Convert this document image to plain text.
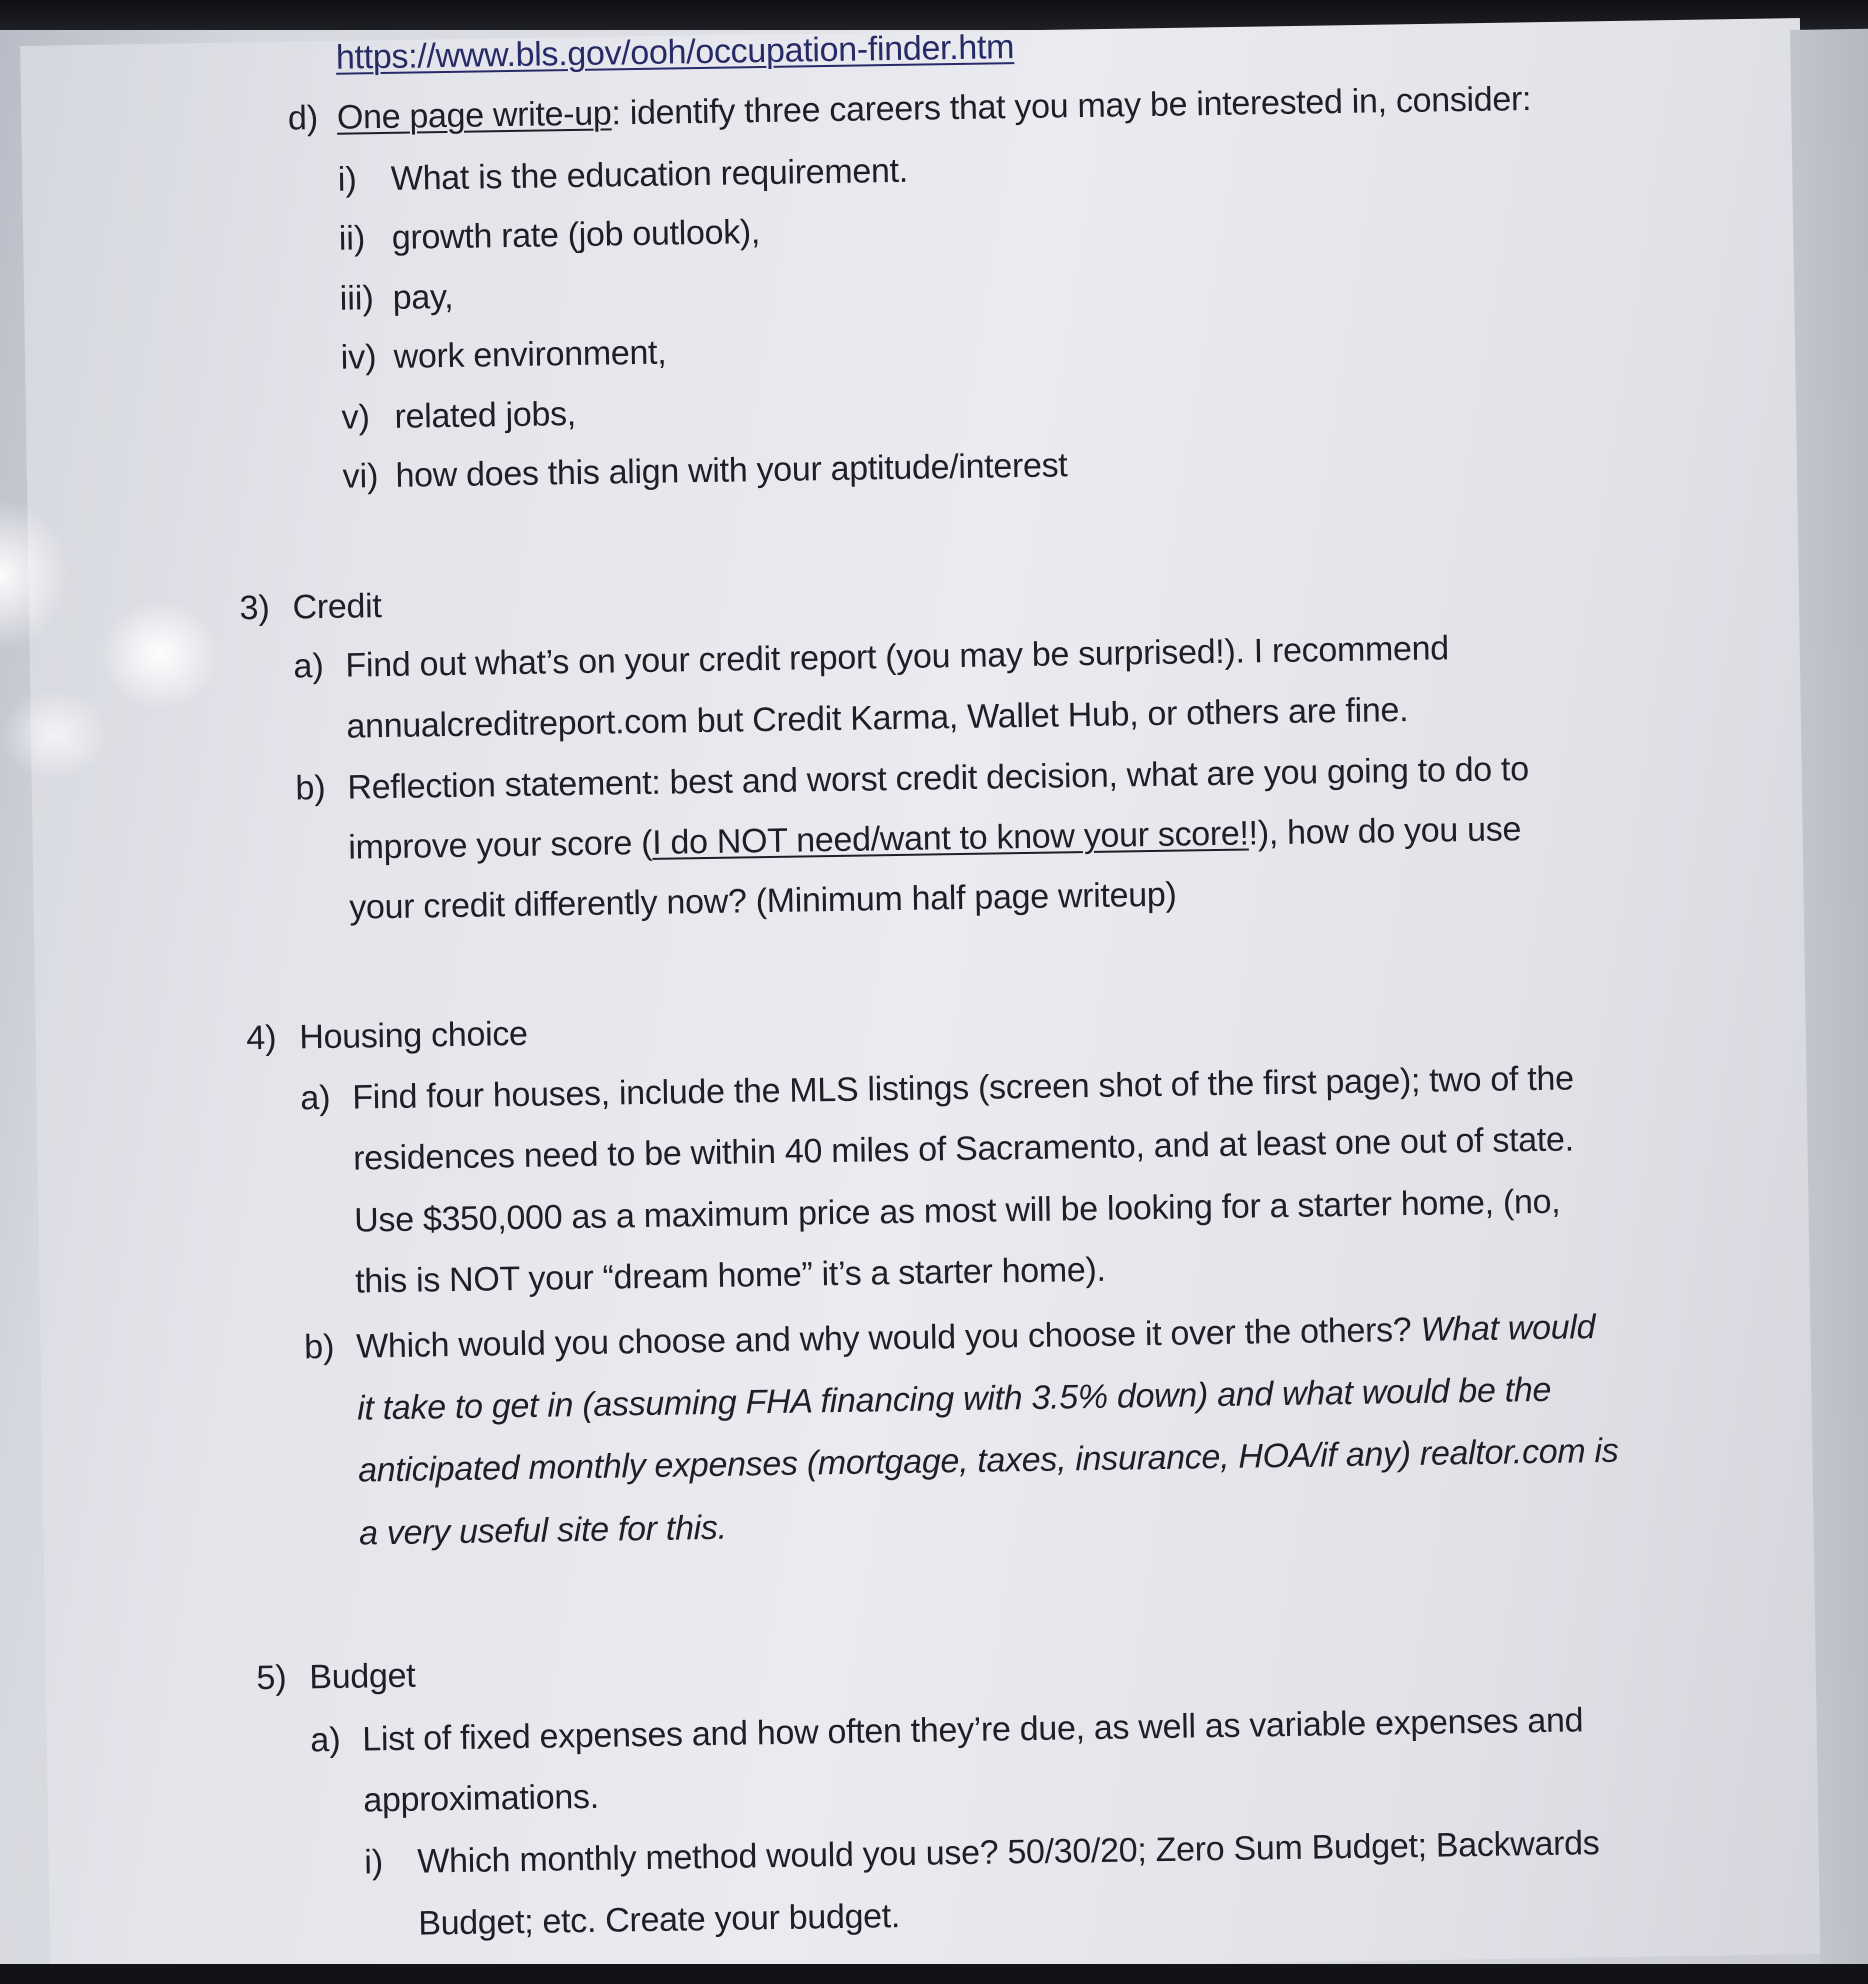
https://www.bls.gov/ooh/occupation-finder.htm
d) One page write-up: identify three careers that you may be interested in, consider:
i) What is the education requirement.
ii) growth rate (job outlook),
iii) pay,
iv) work environment,
v) related jobs,
vi) how does this align with your aptitude/interest
3) Credit
a) Find out what’s on your credit report (you may be surprised!). I recommend
annualcreditreport.com but Credit Karma, Wallet Hub, or others are fine.
b) Reflection statement: best and worst credit decision, what are you going to do to
improve your score (I do NOT need/want to know your score!!), how do you use
your credit differently now? (Minimum half page writeup)
4) Housing choice
a) Find four houses, include the MLS listings (screen shot of the first page); two of the
residences need to be within 40 miles of Sacramento, and at least one out of state.
Use $350,000 as a maximum price as most will be looking for a starter home, (no,
this is NOT your “dream home” it’s a starter home).
b) Which would you choose and why would you choose it over the others? What would
it take to get in (assuming FHA financing with 3.5% down) and what would be the
anticipated monthly expenses (mortgage, taxes, insurance, HOA/if any) realtor.com is
a very useful site for this.
5) Budget
a) List of fixed expenses and how often they’re due, as well as variable expenses and
approximations.
i) Which monthly method would you use? 50/30/20; Zero Sum Budget; Backwards
Budget; etc. Create your budget.
